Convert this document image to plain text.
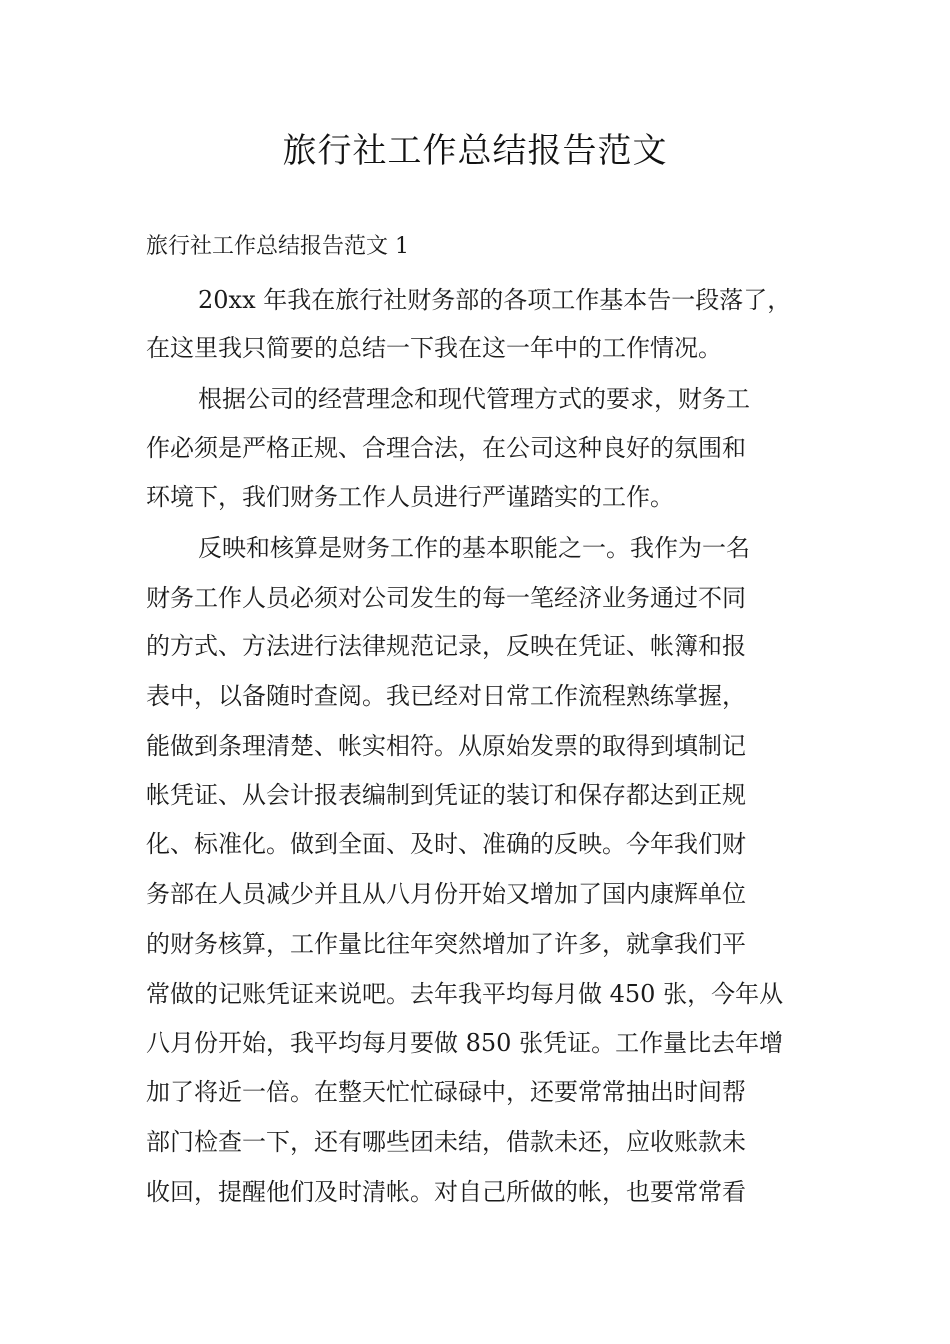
旅行社工作总结报告范文
旅行社工作总结报告范文 1
20xx 年我在旅行社财务部的各项工作基本告一段落了，
在这里我只简要的总结一下我在这一年中的工作情况。
根据公司的经营理念和现代管理方式的要求，财务工
作必须是严格正规、合理合法，在公司这种良好的氛围和
环境下，我们财务工作人员进行严谨踏实的工作。
反映和核算是财务工作的基本职能之一。我作为一名
财务工作人员必须对公司发生的每一笔经济业务通过不同
的方式、方法进行法律规范记录，反映在凭证、帐簿和报
表中，以备随时查阅。我已经对日常工作流程熟练掌握，
能做到条理清楚、帐实相符。从原始发票的取得到填制记
帐凭证、从会计报表编制到凭证的装订和保存都达到正规
化、标准化。做到全面、及时、准确的反映。今年我们财
务部在人员减少并且从八月份开始又增加了国内康辉单位
的财务核算，工作量比往年突然增加了许多，就拿我们平
常做的记账凭证来说吧。去年我平均每月做 450 张，今年从
八月份开始，我平均每月要做 850 张凭证。工作量比去年增
加了将近一倍。在整天忙忙碌碌中，还要常常抽出时间帮
部门检查一下，还有哪些团未结，借款未还，应收账款未
收回，提醒他们及时清帐。对自己所做的帐，也要常常看
